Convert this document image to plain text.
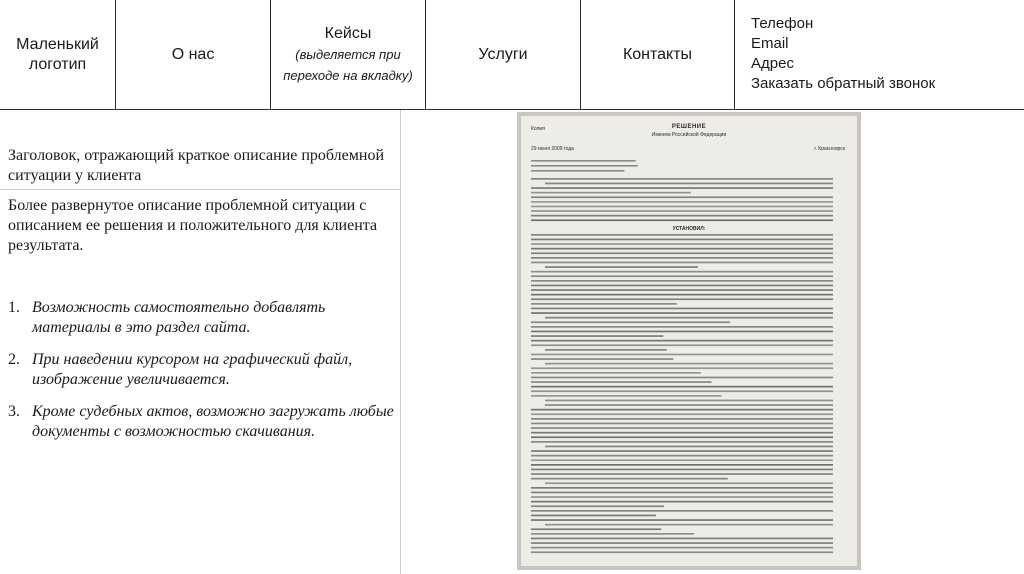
Маленький логотип
О нас
Кейсы
(выделяется при переходе на вкладку)
Услуги	Контакты
Телефон
Email
Адрес
Заказать обратный звонок
Заголовок, отражающий краткое описание проблемной ситуации у клиента
Более развернутое описание проблемной ситуации с описанием ее решения и положительного для клиента результата.
1. Возможность самостоятельно добавлять материалы в это раздел сайта.
2. При наведении курсором на графический файл, изображение увеличивается.
3. Кроме судебных актов, возможно загружать любые документы с возможностью скачивания.
Копия	РЕШЕНИЕ
Именем Российской Федерации
29 июня 2009 года	г. Красноярск
УСТАНОВИЛ:
